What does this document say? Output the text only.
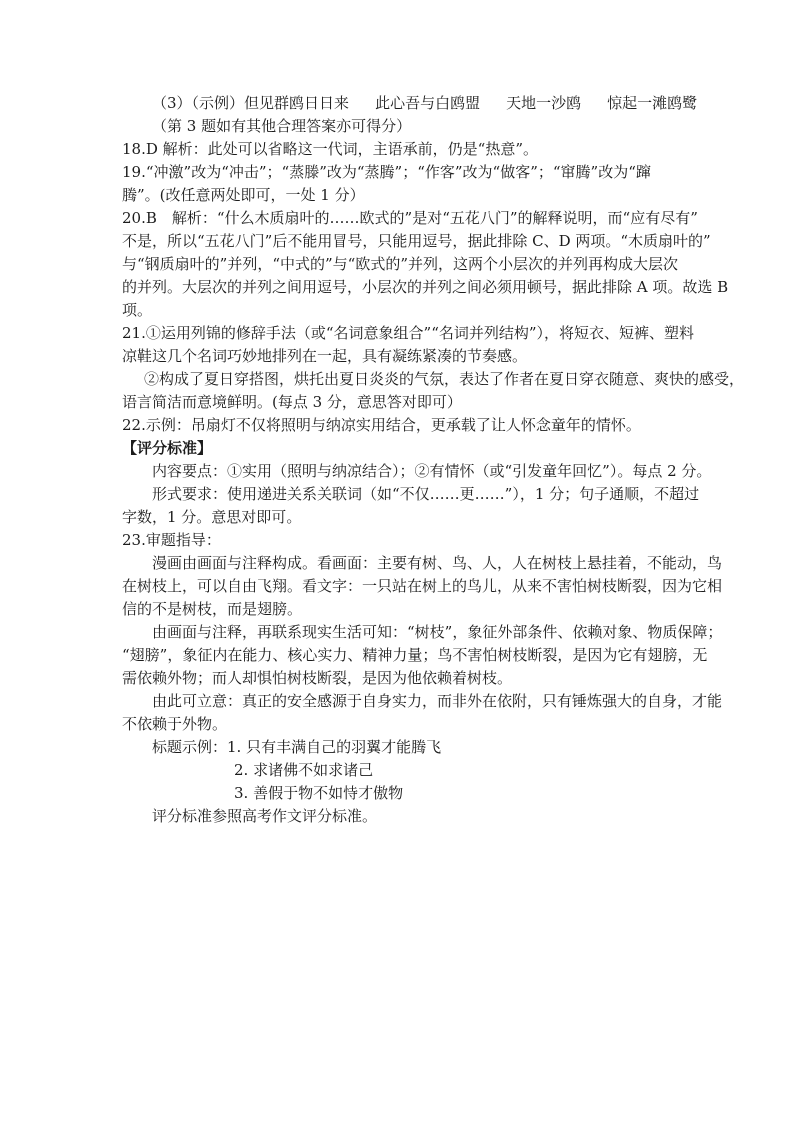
（3）（示例）但见群鸥日日来 此心吾与白鸥盟 天地一沙鸥 惊起一滩鸥鹭
（第 3 题如有其他合理答案亦可得分）
18.D 解析：此处可以省略这一代词，主语承前，仍是“热意”。
19.“冲激”改为“冲击”；“蒸滕”改为“蒸腾”；“作客”改为“做客”；“窜腾”改为“蹿
腾”。(改任意两处即可，一处 1 分）
20.B　解析：“什么木质扇叶的……欧式的”是对“五花八门”的解释说明，而“应有尽有”
不是，所以“五花八门”后不能用冒号，只能用逗号，据此排除 C、D 两项。“木质扇叶的”
与“钢质扇叶的”并列，“中式的”与“欧式的”并列，这两个小层次的并列再构成大层次
的并列。大层次的并列之间用逗号，小层次的并列之间必须用顿号，据此排除 A 项。故选 B
项。
21.①运用列锦的修辞手法（或“名词意象组合”“名词并列结构”），将短衣、短裤、塑料
凉鞋这几个名词巧妙地排列在一起，具有凝练紧凑的节奏感。
②构成了夏日穿搭图，烘托出夏日炎炎的气氛，表达了作者在夏日穿衣随意、爽快的感受，
语言简洁而意境鲜明。(每点 3 分，意思答对即可）
22.示例：吊扇灯不仅将照明与纳凉实用结合，更承载了让人怀念童年的情怀。
【评分标准】
内容要点：①实用（照明与纳凉结合）；②有情怀（或“引发童年回忆”）。每点 2 分。
形式要求：使用递进关系关联词（如“不仅……更……”），1 分；句子通顺，不超过
字数，1 分。意思对即可。
23.审题指导：
漫画由画面与注释构成。看画面：主要有树、鸟、人，人在树枝上悬挂着，不能动，鸟
在树枝上，可以自由飞翔。看文字：一只站在树上的鸟儿，从来不害怕树枝断裂，因为它相
信的不是树枝，而是翅膀。
由画面与注释，再联系现实生活可知：“树枝”，象征外部条件、依赖对象、物质保障；
“翅膀”，象征内在能力、核心实力、精神力量；鸟不害怕树枝断裂，是因为它有翅膀，无
需依赖外物；而人却惧怕树枝断裂，是因为他依赖着树枝。
由此可立意：真正的安全感源于自身实力，而非外在依附，只有锤炼强大的自身，才能
不依赖于外物。
标题示例：1. 只有丰满自己的羽翼才能腾飞
2. 求诸佛不如求诸己
3. 善假于物不如恃才傲物
评分标准参照高考作文评分标准。
